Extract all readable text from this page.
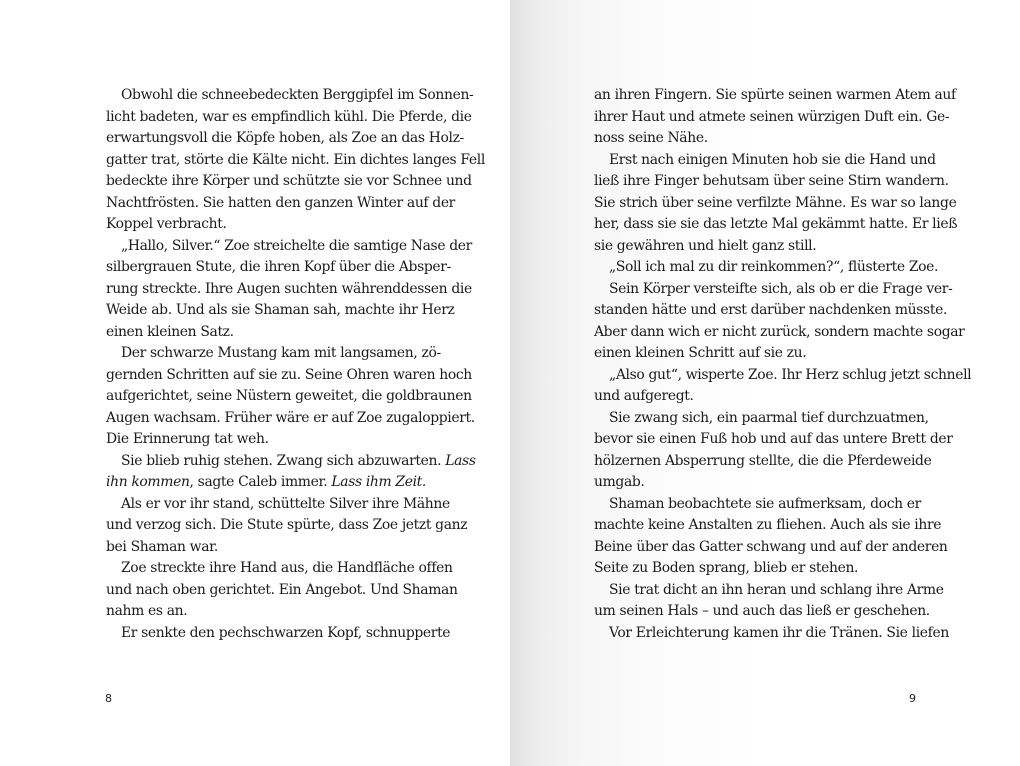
Obwohl die schneebedeckten Berggipfel im Sonnen-
licht badeten, war es empfindlich kühl. Die Pferde, die
erwartungsvoll die Köpfe hoben, als Zoe an das Holz-
gatter trat, störte die Kälte nicht. Ein dichtes langes Fell
bedeckte ihre Körper und schützte sie vor Schnee und
Nachtfrösten. Sie hatten den ganzen Winter auf der
Koppel verbracht.
„Hallo, Silver.“ Zoe streichelte die samtige Nase der
silbergrauen Stute, die ihren Kopf über die Absper-
rung streckte. Ihre Augen suchten währenddessen die
Weide ab. Und als sie Shaman sah, machte ihr Herz
einen kleinen Satz.
Der schwarze Mustang kam mit langsamen, zö-
gernden Schritten auf sie zu. Seine Ohren waren hoch
aufgerichtet, seine Nüstern geweitet, die goldbraunen
Augen wachsam. Früher wäre er auf Zoe zugaloppiert.
Die Erinnerung tat weh.
Sie blieb ruhig stehen. Zwang sich abzuwarten. Lass
ihn kommen, sagte Caleb immer. Lass ihm Zeit.
Als er vor ihr stand, schüttelte Silver ihre Mähne
und verzog sich. Die Stute spürte, dass Zoe jetzt ganz
bei Shaman war.
Zoe streckte ihre Hand aus, die Handfläche offen
und nach oben gerichtet. Ein Angebot. Und Shaman
nahm es an.
Er senkte den pechschwarzen Kopf, schnupperte
8
an ihren Fingern. Sie spürte seinen warmen Atem auf
ihrer Haut und atmete seinen würzigen Duft ein. Ge-
noss seine Nähe.
Erst nach einigen Minuten hob sie die Hand und
ließ ihre Finger behutsam über seine Stirn wandern.
Sie strich über seine verfilzte Mähne. Es war so lange
her, dass sie sie das letzte Mal gekämmt hatte. Er ließ
sie gewähren und hielt ganz still.
„Soll ich mal zu dir reinkommen?“, flüsterte Zoe.
Sein Körper versteifte sich, als ob er die Frage ver-
standen hätte und erst darüber nachdenken müsste.
Aber dann wich er nicht zurück, sondern machte sogar
einen kleinen Schritt auf sie zu.
„Also gut“, wisperte Zoe. Ihr Herz schlug jetzt schnell
und aufgeregt.
Sie zwang sich, ein paarmal tief durchzuatmen,
bevor sie einen Fuß hob und auf das untere Brett der
hölzernen Absperrung stellte, die die Pferdeweide
umgab.
Shaman beobachtete sie aufmerksam, doch er
machte keine Anstalten zu fliehen. Auch als sie ihre
Beine über das Gatter schwang und auf der anderen
Seite zu Boden sprang, blieb er stehen.
Sie trat dicht an ihn heran und schlang ihre Arme
um seinen Hals – und auch das ließ er geschehen.
Vor Erleichterung kamen ihr die Tränen. Sie liefen
9
